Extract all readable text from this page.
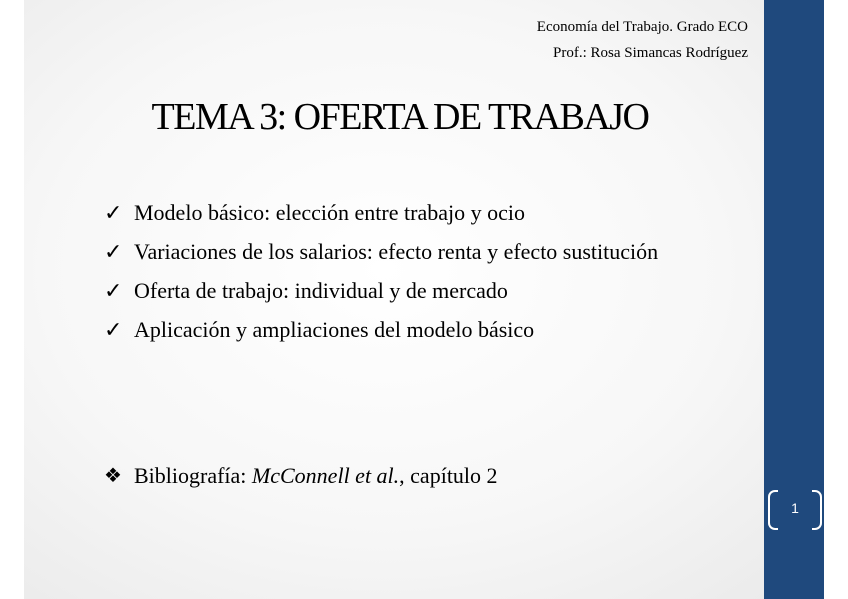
1
Economía del Trabajo. Grado ECO
Prof.: Rosa Simancas Rodríguez
TEMA 3: OFERTA DE TRABAJO
✓ Modelo básico: elección entre trabajo y ocio
✓ Variaciones de los salarios: efecto renta y efecto sustitución
✓ Oferta de trabajo: individual y de mercado
✓ Aplicación y ampliaciones del modelo básico
❖ Bibliografía: McConnell et al., capítulo 2
